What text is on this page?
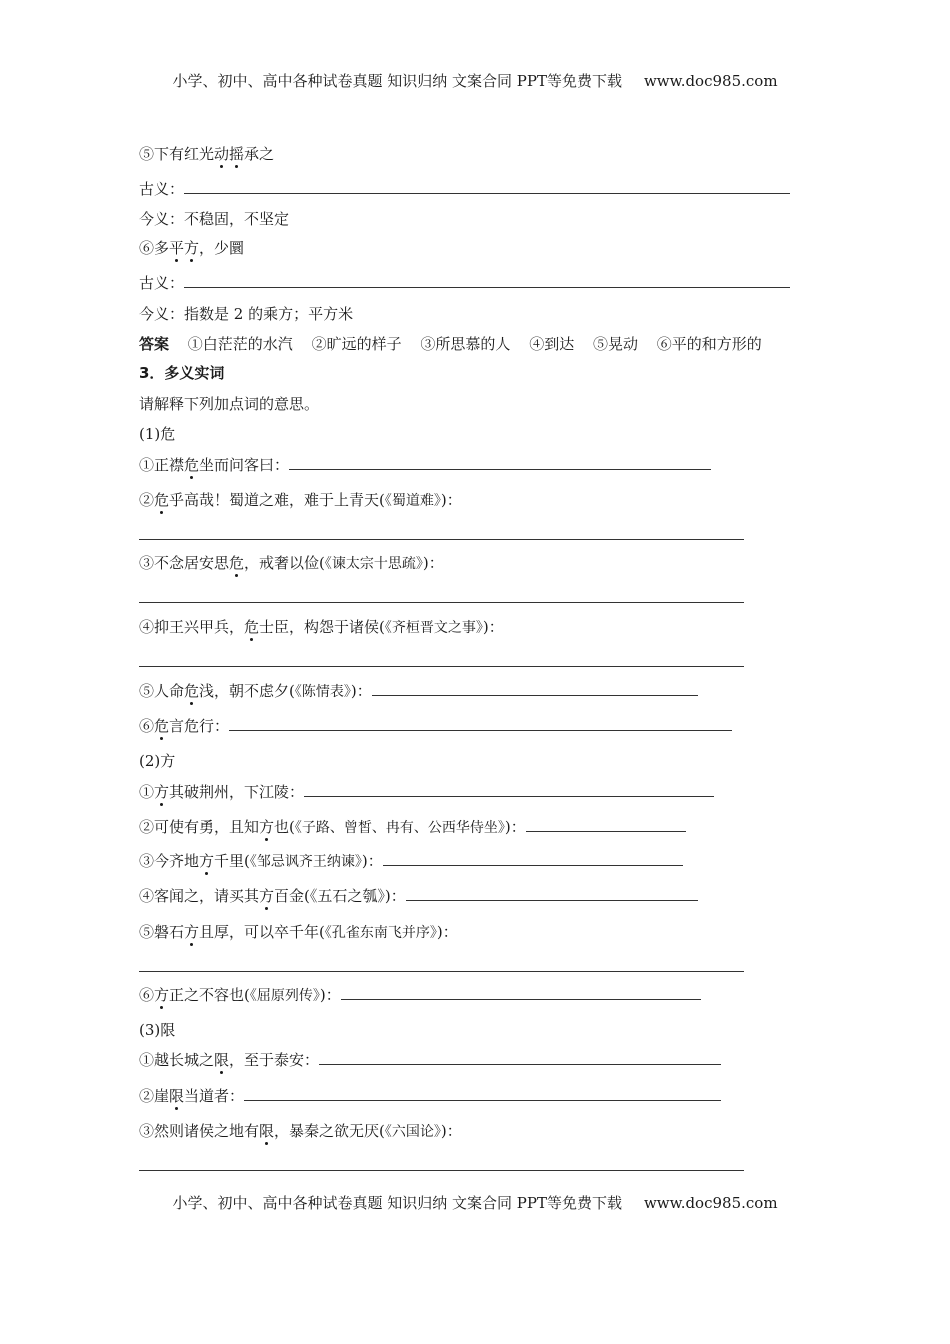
小学、初中、高中各种试卷真题 知识归纳 文案合同 PPT等免费下载 www.doc985.com
⑤下有红光动摇承之
古义：
今义：不稳固，不坚定
⑥多平方，少圜
古义：
今义：指数是 2 的乘方；平方米
答案 ①白茫茫的水汽 ②旷远的样子 ③所思慕的人 ④到达 ⑤晃动 ⑥平的和方形的
3．多义实词
请解释下列加点词的意思。
(1)危
①正襟危坐而问客曰：
②危乎高哉！蜀道之难，难于上青天(《蜀道难》)：
③不念居安思危，戒奢以俭(《谏太宗十思疏》)：
④抑王兴甲兵，危士臣，构怨于诸侯(《齐桓晋文之事》)：
⑤人命危浅，朝不虑夕(《陈情表》)：
⑥危言危行：
(2)方
①方其破荆州，下江陵：
②可使有勇，且知方也(《子路、曾皙、冉有、公西华侍坐》)：
③今齐地方千里(《邹忌讽齐王纳谏》)：
④客闻之，请买其方百金(《五石之瓠》)：
⑤磐石方且厚，可以卒千年(《孔雀东南飞并序》)：
⑥方正之不容也(《屈原列传》)：
(3)限
①越长城之限，至于泰安：
②崖限当道者：
③然则诸侯之地有限，暴秦之欲无厌(《六国论》)：
小学、初中、高中各种试卷真题 知识归纳 文案合同 PPT等免费下载 www.doc985.com
